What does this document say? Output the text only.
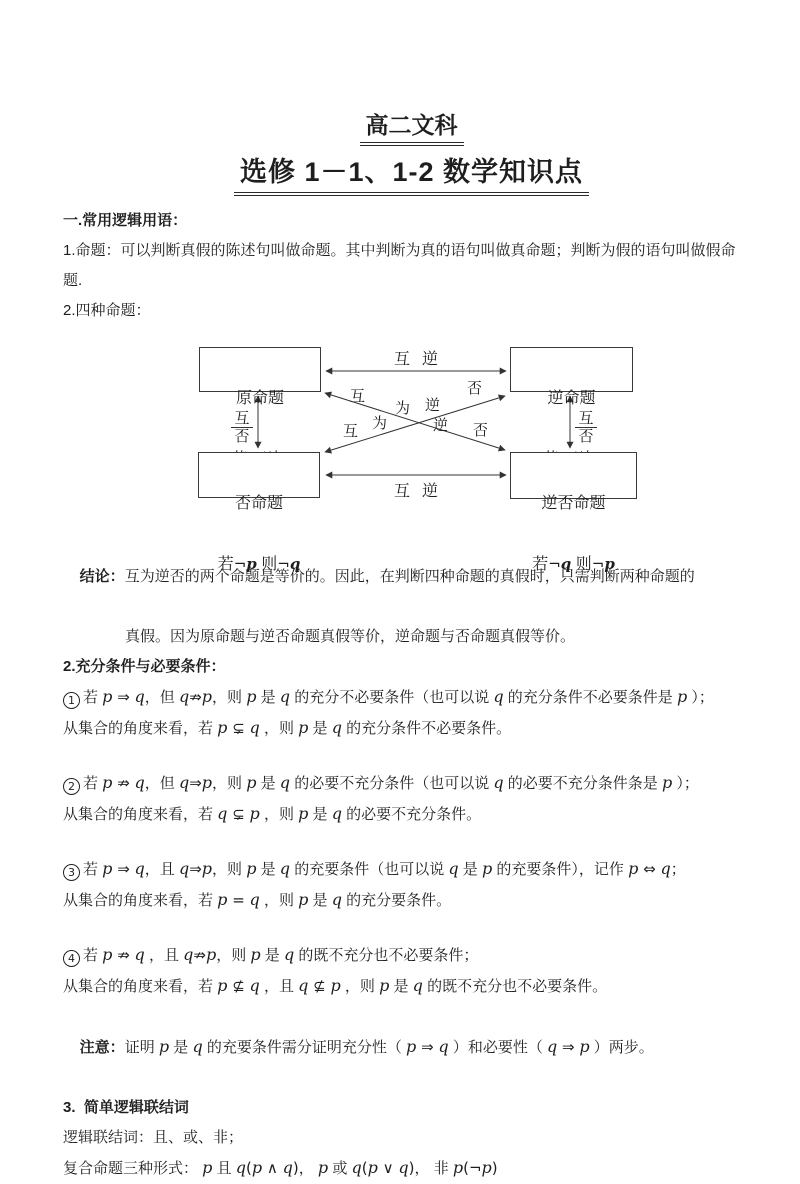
高二文科
选修 1－1、1-2 数学知识点

一.常用逻辑用语：

1.命题：可以判断真假的陈述句叫做命题。其中判断为真的语句叫做真命题；判断为假的语句叫做假命

题.

2.四种命题：

原命题

	逆命题

否命题

若¬p 则¬q

逆否命题

若¬q 则¬p

互逆
互逆
互
否
互
否
互
为 逆
否
互 为	逆 否

结论：互为逆否的两个命题是等价的。因此，在判断四种命题的真假时，只需判断两种命题的

真假。因为原命题与逆否命题真假等价，逆命题与否命题真假等价。

2.充分条件与必要条件：

1 若 p ⇒ q，但 q⇏p，则 p 是 q 的充分不必要条件（也可以说 q 的充分条件不必要条件是 p ）；

从集合的角度来看，若 p ⊊ q ，则 p 是 q 的充分条件不必要条件。

2 若 p ⇏ q，但 q⇒p，则 p 是 q 的必要不充分条件（也可以说 q 的必要不充分条件条是 p ）；

从集合的角度来看，若 q ⊊ p ，则 p 是 q 的必要不充分条件。

3 若 p ⇒ q，且 q⇒p，则 p 是 q 的充要条件（也可以说 q 是 p 的充要条件），记作 p ⇔ q；

从集合的角度来看，若 p = q ，则 p 是 q 的充分要条件。

4 若 p ⇏ q ，且 q⇏p，则 p 是 q 的既不充分也不必要条件；

从集合的角度来看，若 p ⊈ q ，且 q ⊈ p ，则 p 是 q 的既不充分也不必要条件。

注意：证明 p 是 q 的充要条件需分证明充分性（ p ⇒ q ）和必要性（ q ⇒ p ）两步。

3.  简单逻辑联结词

逻辑联结词：且、或、非；

复合命题三种形式： p 且 q(p ∧ q)， p 或 q(p ∨ q)， 非 p(¬p)
